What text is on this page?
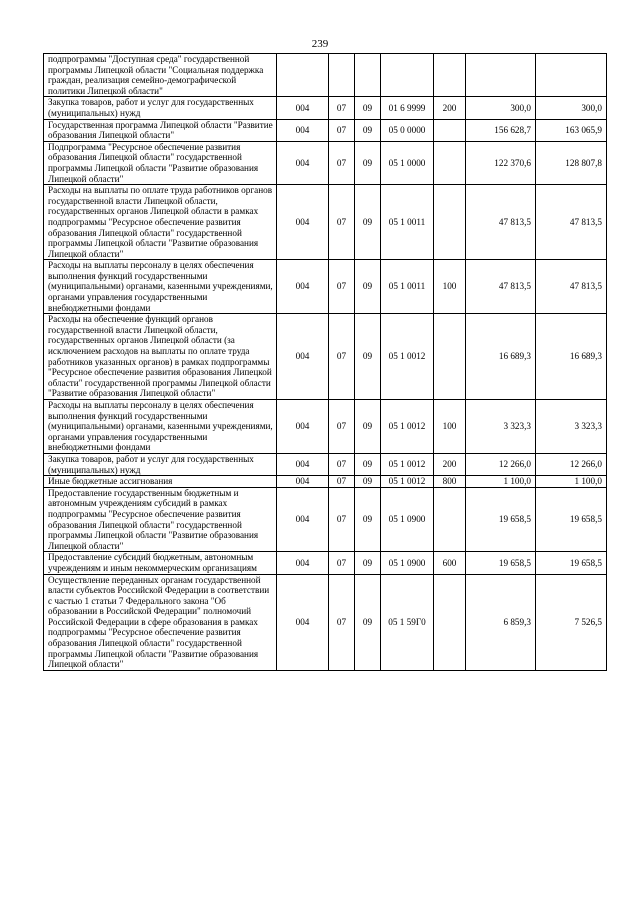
239
подпрограммы "Доступная среда" государственной программы Липецкой области "Социальная поддержка граждан, реализация семейно-демографической политики Липецкой области"							
Закупка товаров, работ и услуг для государственных (муниципальных) нужд	004	07	09	01 6 9999	200	300,0	300,0
Государственная программа Липецкой области "Развитие образования Липецкой области"	004	07	09	05 0 0000		156 628,7	163 065,9
Подпрограмма "Ресурсное обеспечение развития образования Липецкой области" государственной программы Липецкой области "Развитие образования Липецкой области"	004	07	09	05 1 0000		122 370,6	128 807,8
Расходы на выплаты по оплате труда работников органов государственной власти Липецкой области, государственных органов Липецкой области в рамках подпрограммы "Ресурсное обеспечение развития образования Липецкой области" государственной программы Липецкой области "Развитие образования Липецкой области"	004	07	09	05 1 0011		47 813,5	47 813,5
Расходы на выплаты персоналу в целях обеспечения выполнения функций государственными (муниципальными) органами, казенными учреждениями, органами управления государственными внебюджетными фондами	004	07	09	05 1 0011	100	47 813,5	47 813,5
Расходы на обеспечение функций органов государственной власти Липецкой области, государственных органов Липецкой области (за исключением расходов на выплаты по оплате труда работников указанных органов) в рамках подпрограммы "Ресурсное обеспечение развития образования Липецкой области" государственной программы Липецкой области "Развитие образования Липецкой области"	004	07	09	05 1 0012		16 689,3	16 689,3
Расходы на выплаты персоналу в целях обеспечения выполнения функций государственными (муниципальными) органами, казенными учреждениями, органами управления государственными внебюджетными фондами	004	07	09	05 1 0012	100	3 323,3	3 323,3
Закупка товаров, работ и услуг для государственных (муниципальных) нужд	004	07	09	05 1 0012	200	12 266,0	12 266,0
Иные бюджетные ассигнования	004	07	09	05 1 0012	800	1 100,0	1 100,0
Предоставление государственным бюджетным и автономным учреждениям субсидий в рамках подпрограммы "Ресурсное обеспечение развития образования Липецкой области" государственной программы Липецкой области "Развитие образования Липецкой области"	004	07	09	05 1 0900		19 658,5	19 658,5
Предоставление субсидий бюджетным, автономным учреждениям и иным некоммерческим организациям	004	07	09	05 1 0900	600	19 658,5	19 658,5
Осуществление переданных органам государственной власти субъектов Российской Федерации в соответствии с частью 1 статьи 7 Федерального закона "Об образовании в Российской Федерации" полномочий Российской Федерации в сфере образования в рамках подпрограммы "Ресурсное обеспечение развития образования Липецкой области" государственной программы Липецкой области "Развитие образования Липецкой области"	004	07	09	05 1 59Г0		6 859,3	7 526,5
